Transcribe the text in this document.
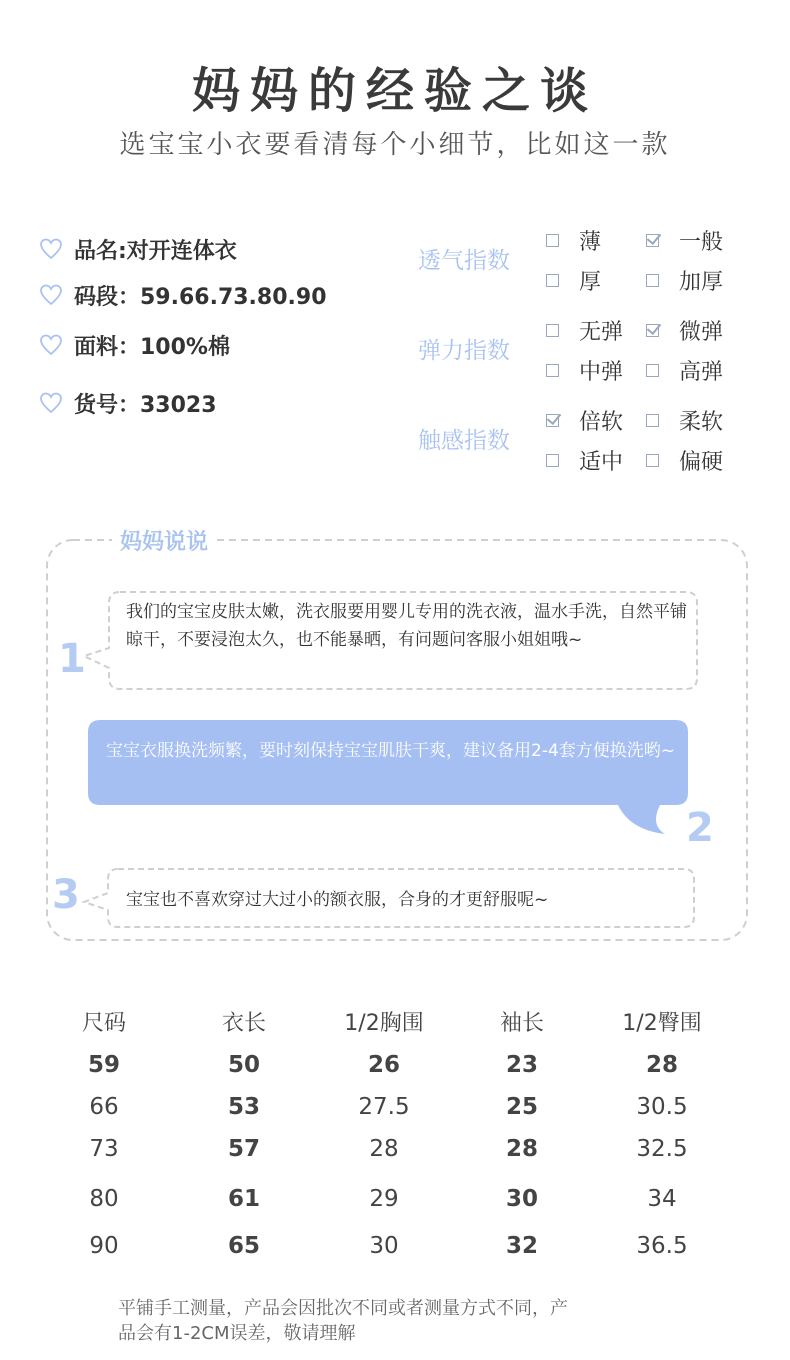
妈妈的经验之谈
选宝宝小衣要看清每个小细节，比如这一款
品名:对开连体衣
码段：59.66.73.80.90
面料：100%棉
货号：33023
透气指数
弹力指数
触感指数
薄	一般
厚	加厚
无弹	微弹
中弹	高弹
倍软	柔软
适中	偏硬
妈妈说说
1
我们的宝宝皮肤太嫩，洗衣服要用婴儿专用的洗衣液，温水手洗，自然平铺晾干，不要浸泡太久，也不能暴晒，有问题问客服小姐姐哦~
宝宝衣服换洗频繁，要时刻保持宝宝肌肤干爽，建议备用2-4套方便换洗哟~
2
3	宝宝也不喜欢穿过大过小的额衣服，合身的才更舒服呢~
尺码	衣长	1/2胸围	袖长	1/2臀围
59	50	26	23	28
66	53	27.5	25	30.5
73	57	28	28	32.5
80	61	29	30	34
90	65	30	32	36.5
平铺手工测量，产品会因批次不同或者测量方式不同，产
品会有1-2CM误差，敬请理解
